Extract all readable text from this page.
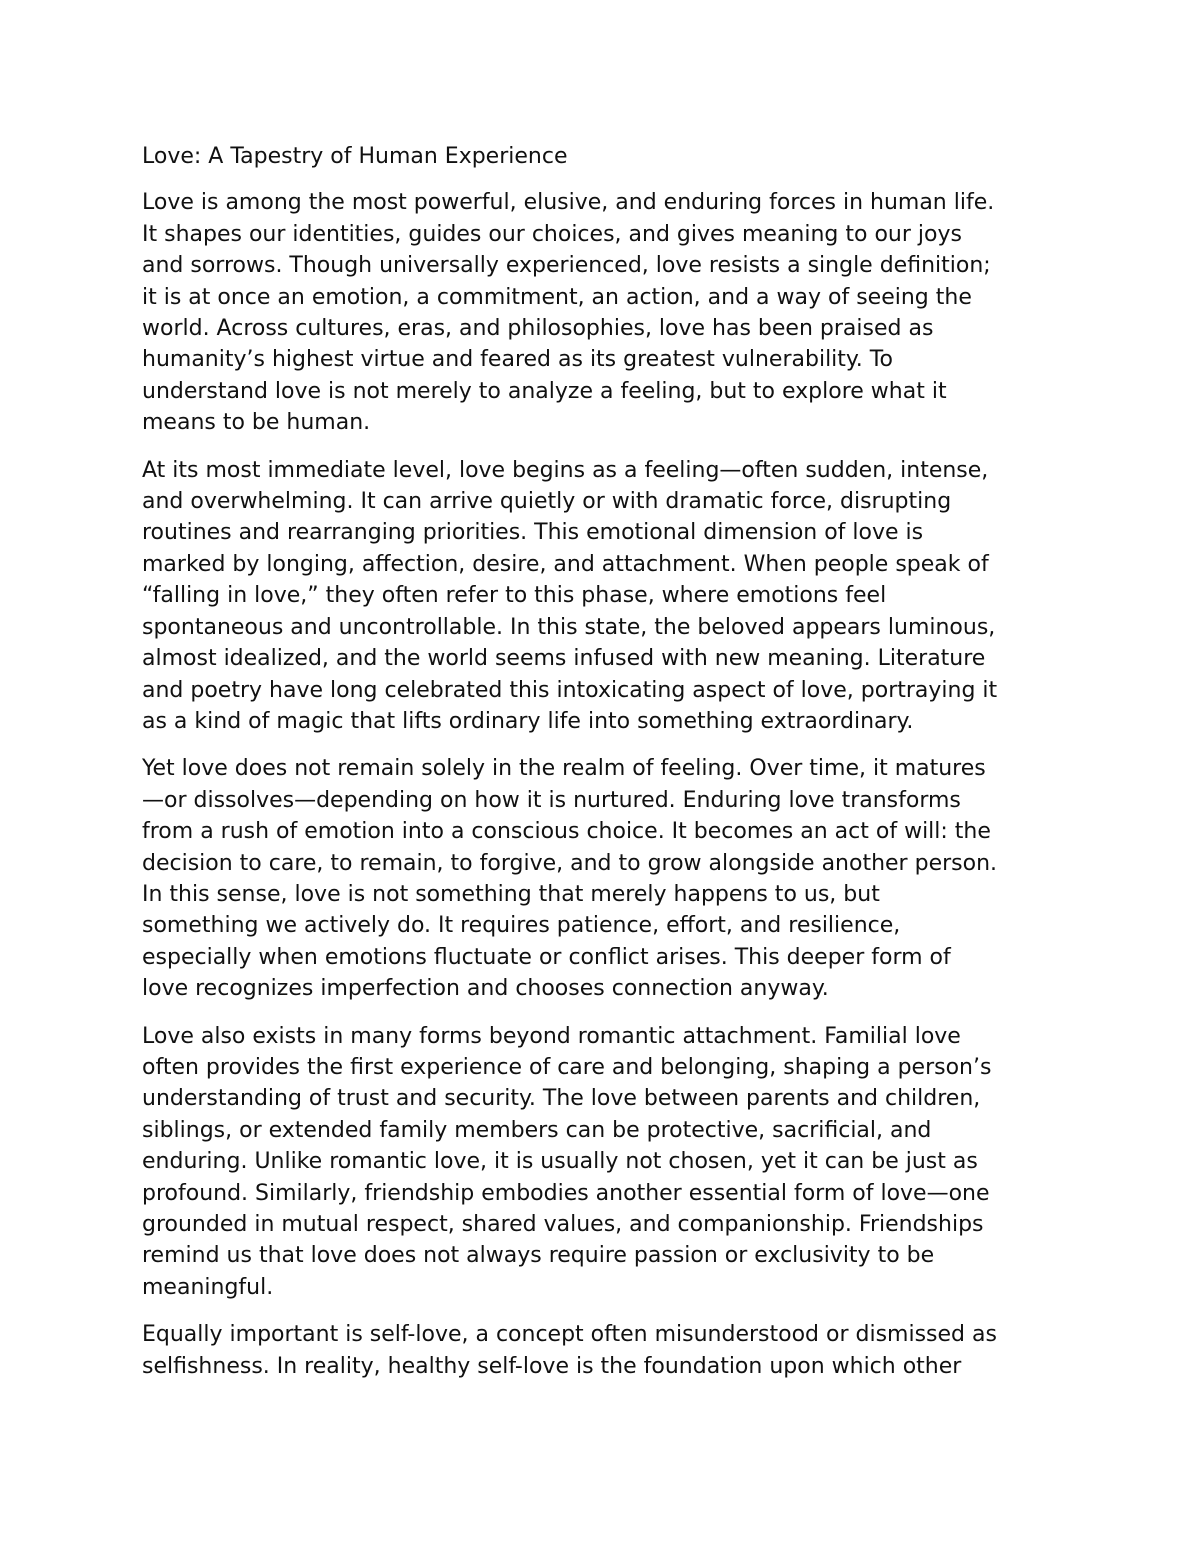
Love: A Tapestry of Human Experience

Love is among the most powerful, elusive, and enduring forces in human life.
It shapes our identities, guides our choices, and gives meaning to our joys
and sorrows. Though universally experienced, love resists a single definition;
it is at once an emotion, a commitment, an action, and a way of seeing the
world. Across cultures, eras, and philosophies, love has been praised as
humanity’s highest virtue and feared as its greatest vulnerability. To
understand love is not merely to analyze a feeling, but to explore what it
means to be human.

At its most immediate level, love begins as a feeling—often sudden, intense,
and overwhelming. It can arrive quietly or with dramatic force, disrupting
routines and rearranging priorities. This emotional dimension of love is
marked by longing, affection, desire, and attachment. When people speak of
“falling in love,” they often refer to this phase, where emotions feel
spontaneous and uncontrollable. In this state, the beloved appears luminous,
almost idealized, and the world seems infused with new meaning. Literature
and poetry have long celebrated this intoxicating aspect of love, portraying it
as a kind of magic that lifts ordinary life into something extraordinary.

Yet love does not remain solely in the realm of feeling. Over time, it matures
—or dissolves—depending on how it is nurtured. Enduring love transforms
from a rush of emotion into a conscious choice. It becomes an act of will: the
decision to care, to remain, to forgive, and to grow alongside another person.
In this sense, love is not something that merely happens to us, but
something we actively do. It requires patience, effort, and resilience,
especially when emotions fluctuate or conflict arises. This deeper form of
love recognizes imperfection and chooses connection anyway.

Love also exists in many forms beyond romantic attachment. Familial love
often provides the first experience of care and belonging, shaping a person’s
understanding of trust and security. The love between parents and children,
siblings, or extended family members can be protective, sacrificial, and
enduring. Unlike romantic love, it is usually not chosen, yet it can be just as
profound. Similarly, friendship embodies another essential form of love—one
grounded in mutual respect, shared values, and companionship. Friendships
remind us that love does not always require passion or exclusivity to be
meaningful.

Equally important is self-love, a concept often misunderstood or dismissed as
selfishness. In reality, healthy self-love is the foundation upon which other
